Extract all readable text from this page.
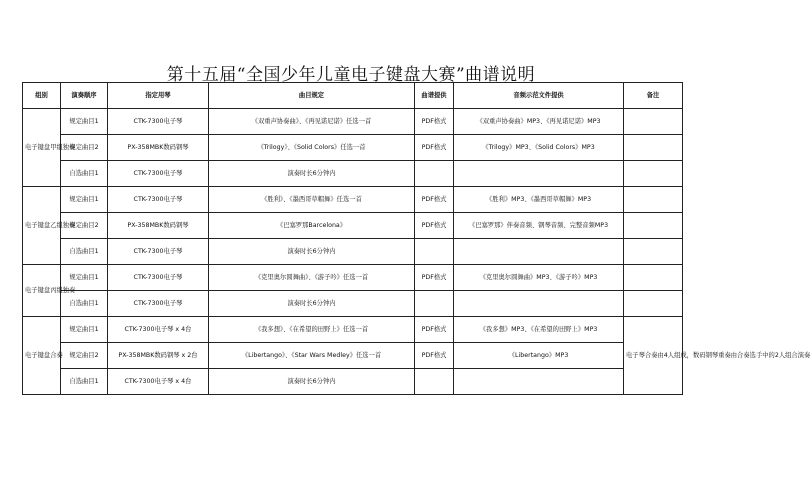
第十五届“全国少年儿童电子键盘大赛”曲谱说明
组别	演奏顺序	指定用琴	曲目规定	曲谱提供	音频示范文件提供	备注
电子键盘甲组独奏	规定曲目1	CTK-7300电子琴	《双重声协奏曲》、《再见诺尼诺》任选一首	PDF格式	《双重声协奏曲》MP3、《再见诺尼诺》MP3	
	规定曲目2	PX-358MBK数码钢琴	《Trilogy》、《Solid Colors》任选一首	PDF格式	《Trilogy》MP3、《Solid Colors》MP3	
	自选曲目1	CTK-7300电子琴	演奏时长6分钟内			
电子键盘乙组独奏	规定曲目1	CTK-7300电子琴	《胜利》、《墨西哥草帽舞》任选一首	PDF格式	《胜利》MP3、《墨西哥草帽舞》MP3	
	规定曲目2	PX-358MBK数码钢琴	《巴塞罗那Barcelona》	PDF格式	《巴塞罗那》伴奏音频、钢琴音频、完整音频MP3	
	自选曲目1	CTK-7300电子琴	演奏时长6分钟内			
电子键盘丙组独奏	规定曲目1	CTK-7300电子琴	《克里奥尔圆舞曲》、《游子吟》任选一首	PDF格式	《克里奥尔圆舞曲》MP3、《游子吟》MP3	
	自选曲目1	CTK-7300电子琴	演奏时长6分钟内			
电子键盘合奏	规定曲目1	CTK-7300电子琴 x 4台	《我多想》、《在希望的田野上》任选一首	PDF格式	《我多想》MP3、《在希望的田野上》MP3	电子琴合奏由4人组成，数码钢琴重奏由合奏选手中的2人组合演奏
	规定曲目2	PX-358MBK数码钢琴 x 2台	《Libertango》、《Star Wars Medley》任选一首	PDF格式	《Libertango》MP3	
	自选曲目1	CTK-7300电子琴 x 4台	演奏时长6分钟内			
